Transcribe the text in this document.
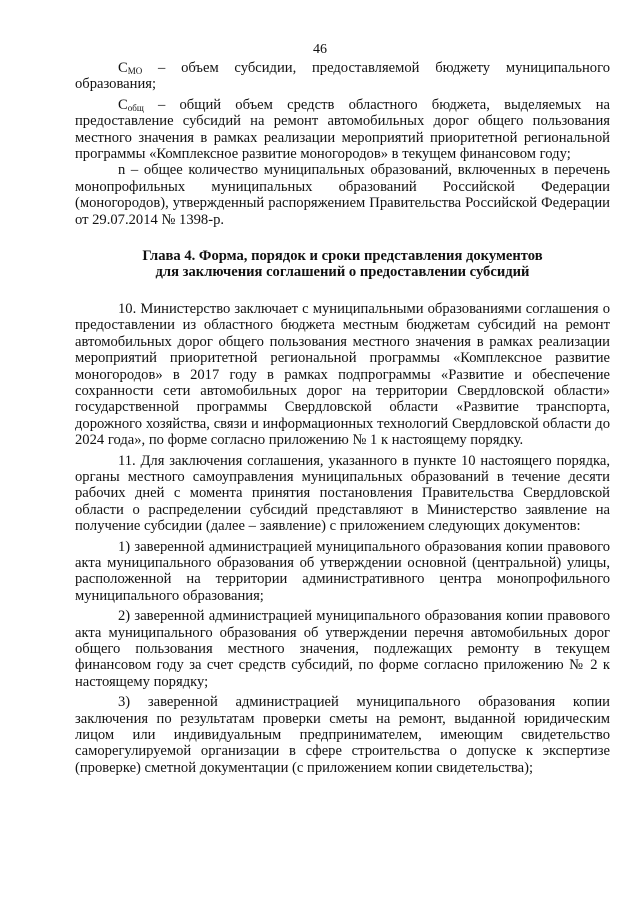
46

$С_{МО}$ – объем субсидии, предоставляемой бюджету муниципального образования;

$С_{общ}$ – общий объем средств областного бюджета, выделяемых на предоставление субсидий на ремонт автомобильных дорог общего пользования местного значения в рамках реализации мероприятий приоритетной региональной программы «Комплексное развитие моногородов» в текущем финансовом году;

n – общее количество муниципальных образований, включенных в перечень монопрофильных муниципальных образований Российской Федерации (моногородов), утвержденный распоряжением Правительства Российской Федерации от 29.07.2014 № 1398-р.

Глава 4. Форма, порядок и сроки представления документов
для заключения соглашений о предоставлении субсидий

10. Министерство заключает с муниципальными образованиями соглашения о предоставлении из областного бюджета местным бюджетам субсидий на ремонт автомобильных дорог общего пользования местного значения в рамках реализации мероприятий приоритетной региональной программы «Комплексное развитие моногородов» в 2017 году в рамках подпрограммы «Развитие и обеспечение сохранности сети автомобильных дорог на территории Свердловской области» государственной программы Свердловской области «Развитие транспорта, дорожного хозяйства, связи и информационных технологий Свердловской области до 2024 года», по форме согласно приложению № 1 к настоящему порядку.

11. Для заключения соглашения, указанного в пункте 10 настоящего порядка, органы местного самоуправления муниципальных образований в течение десяти рабочих дней с момента принятия постановления Правительства Свердловской области о распределении субсидий представляют в Министерство заявление на получение субсидии (далее – заявление) с приложением следующих документов:

1) заверенной администрацией муниципального образования копии правового акта муниципального образования об утверждении основной (центральной) улицы, расположенной на территории административного центра монопрофильного муниципального образования;

2) заверенной администрацией муниципального образования копии правового акта муниципального образования об утверждении перечня автомобильных дорог общего пользования местного значения, подлежащих ремонту в текущем финансовом году за счет средств субсидий, по форме согласно приложению № 2 к настоящему порядку;

3) заверенной администрацией муниципального образования копии заключения по результатам проверки сметы на ремонт, выданной юридическим лицом или индивидуальным предпринимателем, имеющим свидетельство саморегулируемой организации в сфере строительства о допуске к экспертизе (проверке) сметной документации (с приложением копии свидетельства);
